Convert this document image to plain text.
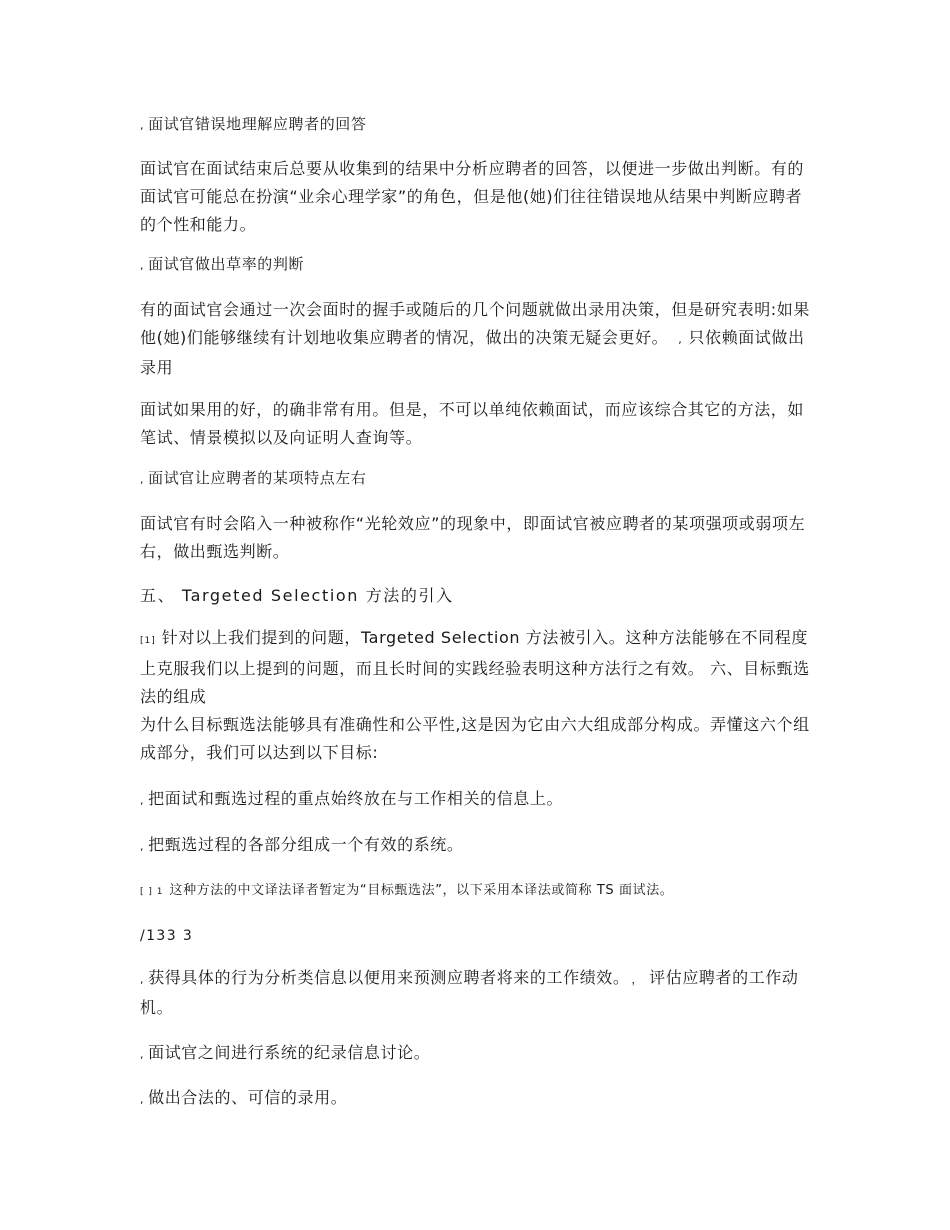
, 面试官错误地理解应聘者的回答

面试官在面试结束后总要从收集到的结果中分析应聘者的回答，以便进一步做出判断。有的面试官可能总在扮演“业余心理学家”的角色，但是他(她)们往往错误地从结果中判断应聘者的个性和能力。

, 面试官做出草率的判断

有的面试官会通过一次会面时的握手或随后的几个问题就做出录用决策，但是研究表明:如果他(她)们能够继续有计划地收集应聘者的情况，做出的决策无疑会更好。 , 只依赖面试做出录用

面试如果用的好，的确非常有用。但是，不可以单纯依赖面试，而应该综合其它的方法，如笔试、情景模拟以及向证明人查询等。

, 面试官让应聘者的某项特点左右

面试官有时会陷入一种被称作“光轮效应”的现象中，即面试官被应聘者的某项强项或弱项左右，做出甄选判断。

五、 Targeted Selection 方法的引入

[1] 针对以上我们提到的问题，Targeted Selection 方法被引入。这种方法能够在不同程度上克服我们以上提到的问题，而且长时间的实践经验表明这种方法行之有效。 六、目标甄选法的组成

为什么目标甄选法能够具有准确性和公平性,这是因为它由六大组成部分构成。弄懂这六个组成部分，我们可以达到以下目标:

, 把面试和甄选过程的重点始终放在与工作相关的信息上。
, 把甄选过程的各部分组成一个有效的系统。
[ ] 1 这种方法的中文译法译者暂定为“目标甄选法”，以下采用本译法或简称 TS 面试法。
/133 3

, 获得具体的行为分析类信息以便用来预测应聘者将来的工作绩效。 ， 评估应聘者的工作动机。

, 面试官之间进行系统的纪录信息讨论。
, 做出合法的、可信的录用。
